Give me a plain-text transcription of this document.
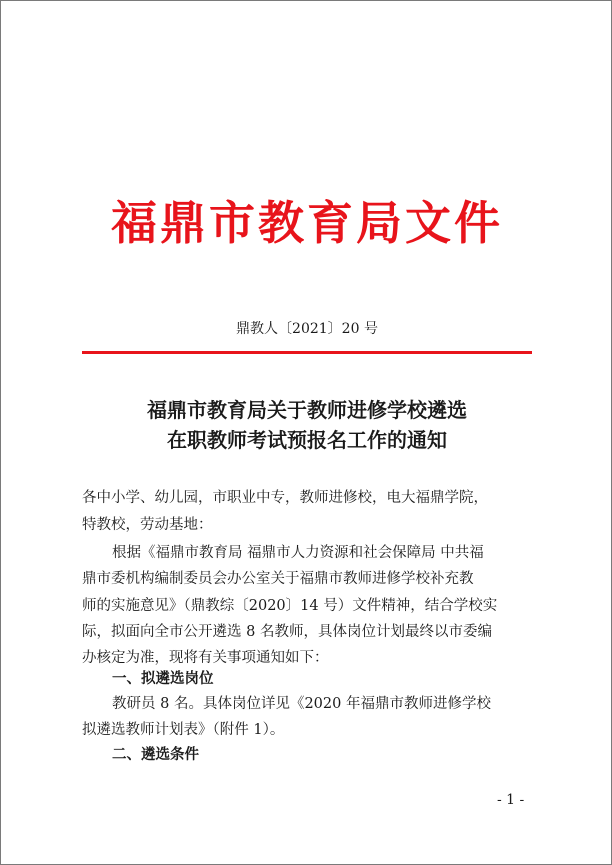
福鼎市教育局文件
鼎教人〔2021〕20 号
福鼎市教育局关于教师进修学校遴选
在职教师考试预报名工作的通知
各中小学、幼儿园，市职业中专，教师进修校，电大福鼎学院，
特教校，劳动基地：
根据《福鼎市教育局 福鼎市人力资源和社会保障局 中共福
鼎市委机构编制委员会办公室关于福鼎市教师进修学校补充教
师的实施意见》（鼎教综〔2020〕14 号）文件精神，结合学校实
际，拟面向全市公开遴选 8 名教师，具体岗位计划最终以市委编
办核定为准，现将有关事项通知如下：
一、拟遴选岗位
教研员 8 名。具体岗位详见《2020 年福鼎市教师进修学校
拟遴选教师计划表》（附件 1）。
二、遴选条件
- 1 -
